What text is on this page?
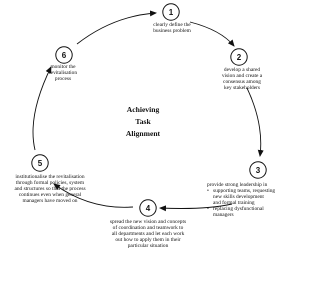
1
2
3
4
5
6
Achieving
Task
Alignment
clearly define the
business problem
develop a shared
vision and create a
consensus among
key stakeholders
provide strong leadership in
• supporting teams, requesting
new skills development
and formal training
• replacing dysfunctional
managers
spread the new vision and concepts
of coordination and teamwork to
all departments and let each work
out how to apply them in their
particular situation
institutionalise the revitalisation
through formal policies, system
and structures so that the process
continues even when general
managers have moved on
monitor the
revitalisation
process
